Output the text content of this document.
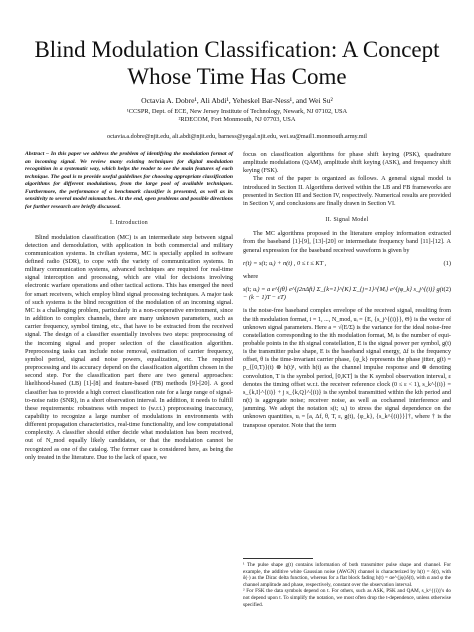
Blind Modulation Classification: A Concept Whose Time Has Come
Octavia A. Dobre¹, Ali Abdi¹, Yeheskel Bar-Ness¹, and Wei Su²
¹CCSPR, Dept. of ECE, New Jersey Institute of Technology, Newark, NJ 07102, USA
²RDECOM, Fort Monmouth, NJ 07703, USA
octavia.a.dobre@njit.edu, ali.abdi@njit.edu, barness@yegal.njit.edu, wei.su@mail1.monmouth.army.mil
Abstract – In this paper we address the problem of identifying the modulation format of an incoming signal. We review many existing techniques for digital modulation recognition in a systematic way, which helps the reader to see the main features of each technique. The goal is to provide useful guidelines for choosing appropriate classification algorithms for different modulations, from the large pool of available techniques. Furthermore, the performance of a benchmark classifier is presented, as well as its sensitivity to several model mismatches. At the end, open problems and possible directions for further research are briefly discussed.
I. Introduction

Blind modulation classification (MC) is an intermediate step between signal detection and demodulation, with application in both commercial and military communication systems. In civilian systems, MC is specially applied in software defined radio (SDR), to cope with the variety of communication systems. In military communication systems, advanced techniques are required for real-time signal interception and processing, which are vital for decisions involving electronic warfare operations and other tactical actions. This has emerged the need for smart receivers, which employ blind signal processing techniques. A major task of such systems is the blind recognition of the modulation of an incoming signal. MC is a challenging problem, particularly in a non-cooperative environment, since in addition to complex channels, there are many unknown parameters, such as carrier frequency, symbol timing, etc., that have to be extracted from the received signal. The design of a classifier essentially involves two steps: preprocessing of the incoming signal and proper selection of the classification algorithm. Preprocessing tasks can include noise removal, estimation of carrier frequency, symbol period, signal and noise powers, equalization, etc. The required preprocessing and its accuracy depend on the classification algorithm chosen in the second step. For the classification part there are two general approaches: likelihood-based (LB) [1]-[8] and feature-based (FB) methods [9]-[20]. A good classifier has to provide a high correct classification rate for a large range of signal-to-noise ratio (SNR), in a short observation interval. In addition, it needs to fulfill these requirements: robustness with respect to (w.r.t.) preprocessing inaccuracy, capability to recognize a large number of modulations in environments with different propagation characteristics, real-time functionality, and low computational complexity. A classifier should either decide what modulation has been received, out of N_mod equally likely candidates, or that the modulation cannot be recognized as one of the catalog. The former case is considered here, as being the only treated in the literature. Due to the lack of space, we

focus on classification algorithms for phase shift keying (PSK), quadrature amplitude modulations (QAM), amplitude shift keying (ASK), and frequency shift keying (FSK).

The rest of the paper is organized as follows. A general signal model is introduced in Section II. Algorithms derived within the LB and FB frameworks are presented in Section III and Section IV, respectively. Numerical results are provided in Section V, and conclusions are finally drawn in Section VI.

II. Signal Model

The MC algorithms proposed in the literature employ information extracted from the baseband [1]-[9], [13]-[20] or intermediate frequency band [11]-[12]. A general expression for the baseband received waveform is given by

r(t) = s(t; uᵢ) + n(t) , 0 ≤ t ≤ KT ,	(1)

where

s(t; uᵢ) = a e^{jθ} e^{j2πΔft} Σ_{k=1}^{K} Σ_{j=1}^{Mᵢ} e^{jφ_k} s_j^{(i)} g(t − (k − 1)T − εT)
(2)

is the noise-free baseband complex envelope of the received signal, resulting from the ith modulation format, i = 1, ..., N_mod, uᵢ = {E, {s_j^{(i)}}, Θ} is the vector of unknown signal parameters. Here a = √(E/Σ) is the variance for the ideal noise-free constellation corresponding to the ith modulation format, Mᵢ is the number of equi-probable points in the ith signal constellation, E is the signal power per symbol, g(t) is the transmitter pulse shape, E is the baseband signal energy, Δf is the frequency offset, θ is the time-invariant carrier phase, {φ_k} represents the phase jitter, g(t) = p_{[0,T)}(t) ⊗ h(t)¹, with h(t) as the channel impulse response and ⊗ denoting convolution, T is the symbol period, [0,KT] is the K symbol observation interval, ε denotes the timing offset w.r.t. the receiver reference clock (0 ≤ ε < 1), s_k^{(i)} = s_{k,I}^{(i)} + j s_{k,Q}^{(i)} is the symbol transmitted within the kth period and n(t) is aggregate noise; receiver noise, as well as cochannel interference and jamming. We adopt the notation s(t; uᵢ) to stress the signal dependence on the unknown quantities, uᵢ = [a, Δf, θ, T, ε, g(t), {φ_k}, {s_k^{(i)}}]†, where † is the transpose operator. Note that the term

¹ The pulse shape g(t) contains information of both transmitter pulse shape and channel. For example, the additive white Gaussian noise (AWGN) channel is characterized by h(t) = δ(t), with δ(·) as the Dirac delta function, whereas for a flat block fading h(t) = αe^{jφ}δ(t), with α and φ the channel amplitude and phase, respectively, constant over the observation interval.
² For FSK the data symbols depend on t. For others, such as ASK, PSK and QAM, s_k^{(i)}'s do not depend upon t. To simplify the notation, we most often drop the t-dependence, unless otherwise specified.
